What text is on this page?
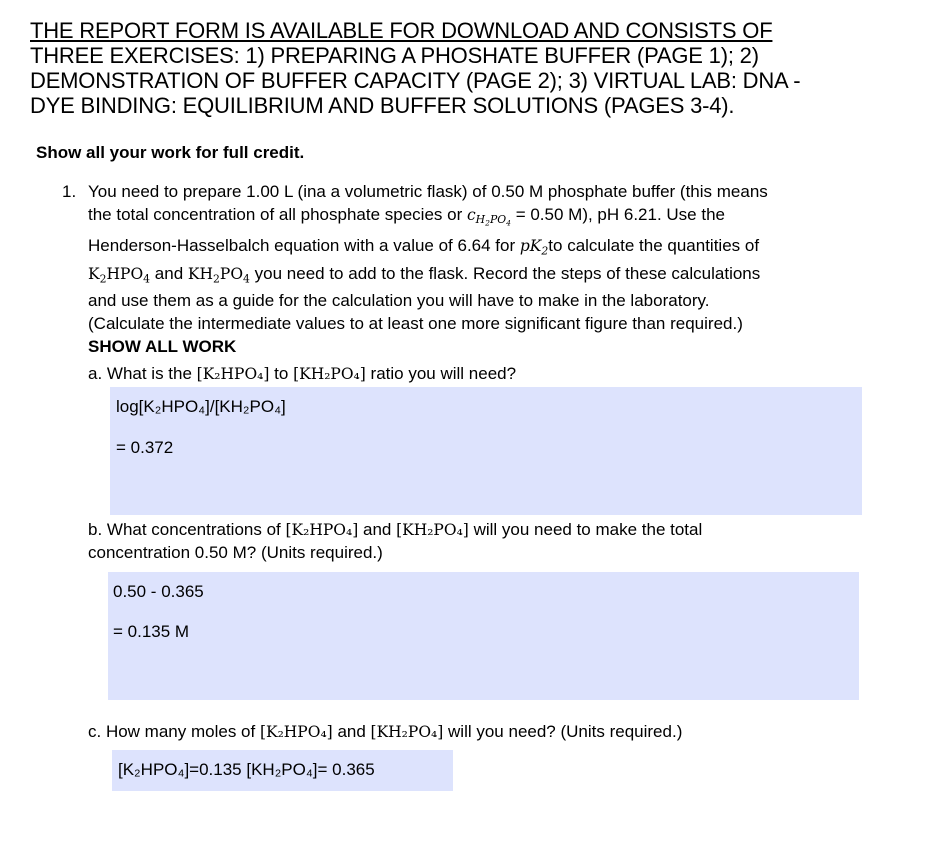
THE REPORT FORM IS AVAILABLE FOR DOWNLOAD AND CONSISTS OF
THREE EXERCISES: 1) PREPARING A PHOSHATE BUFFER (PAGE 1); 2)
DEMONSTRATION OF BUFFER CAPACITY (PAGE 2); 3) VIRTUAL LAB: DNA -
DYE BINDING: EQUILIBRIUM AND BUFFER SOLUTIONS (PAGES 3-4).
Show all your work for full credit.
1. You need to prepare 1.00 L (ina a volumetric flask) of 0.50 M phosphate buffer (this means
the total concentration of all phosphate species or $c_{H_2PO_4} = 0.50$ M), pH 6.21. Use the
Henderson-Hasselbalch equation with a value of 6.64 for $pK_2to$ calculate the quantities of
$K_2HPO_4$ and $KH_2PO_4$ you need to add to the flask. Record the steps of these calculations
and use them as a guide for the calculation you will have to make in the laboratory.
(Calculate the intermediate values to at least one more significant figure than required.)
SHOW ALL WORK
a. What is the [K₂HPO₄] to [KH₂PO₄] ratio you will need?
log[K₂HPO₄]/[KH₂PO₄]
= 0.372
b. What concentrations of [K₂HPO₄] and [KH₂PO₄] will you need to make the total
concentration 0.50 M? (Units required.)
0.50 - 0.365
= 0.135 M
c. How many moles of [K₂HPO₄] and [KH₂PO₄] will you need? (Units required.)
[K₂HPO₄]=0.135 [KH₂PO₄]= 0.365
